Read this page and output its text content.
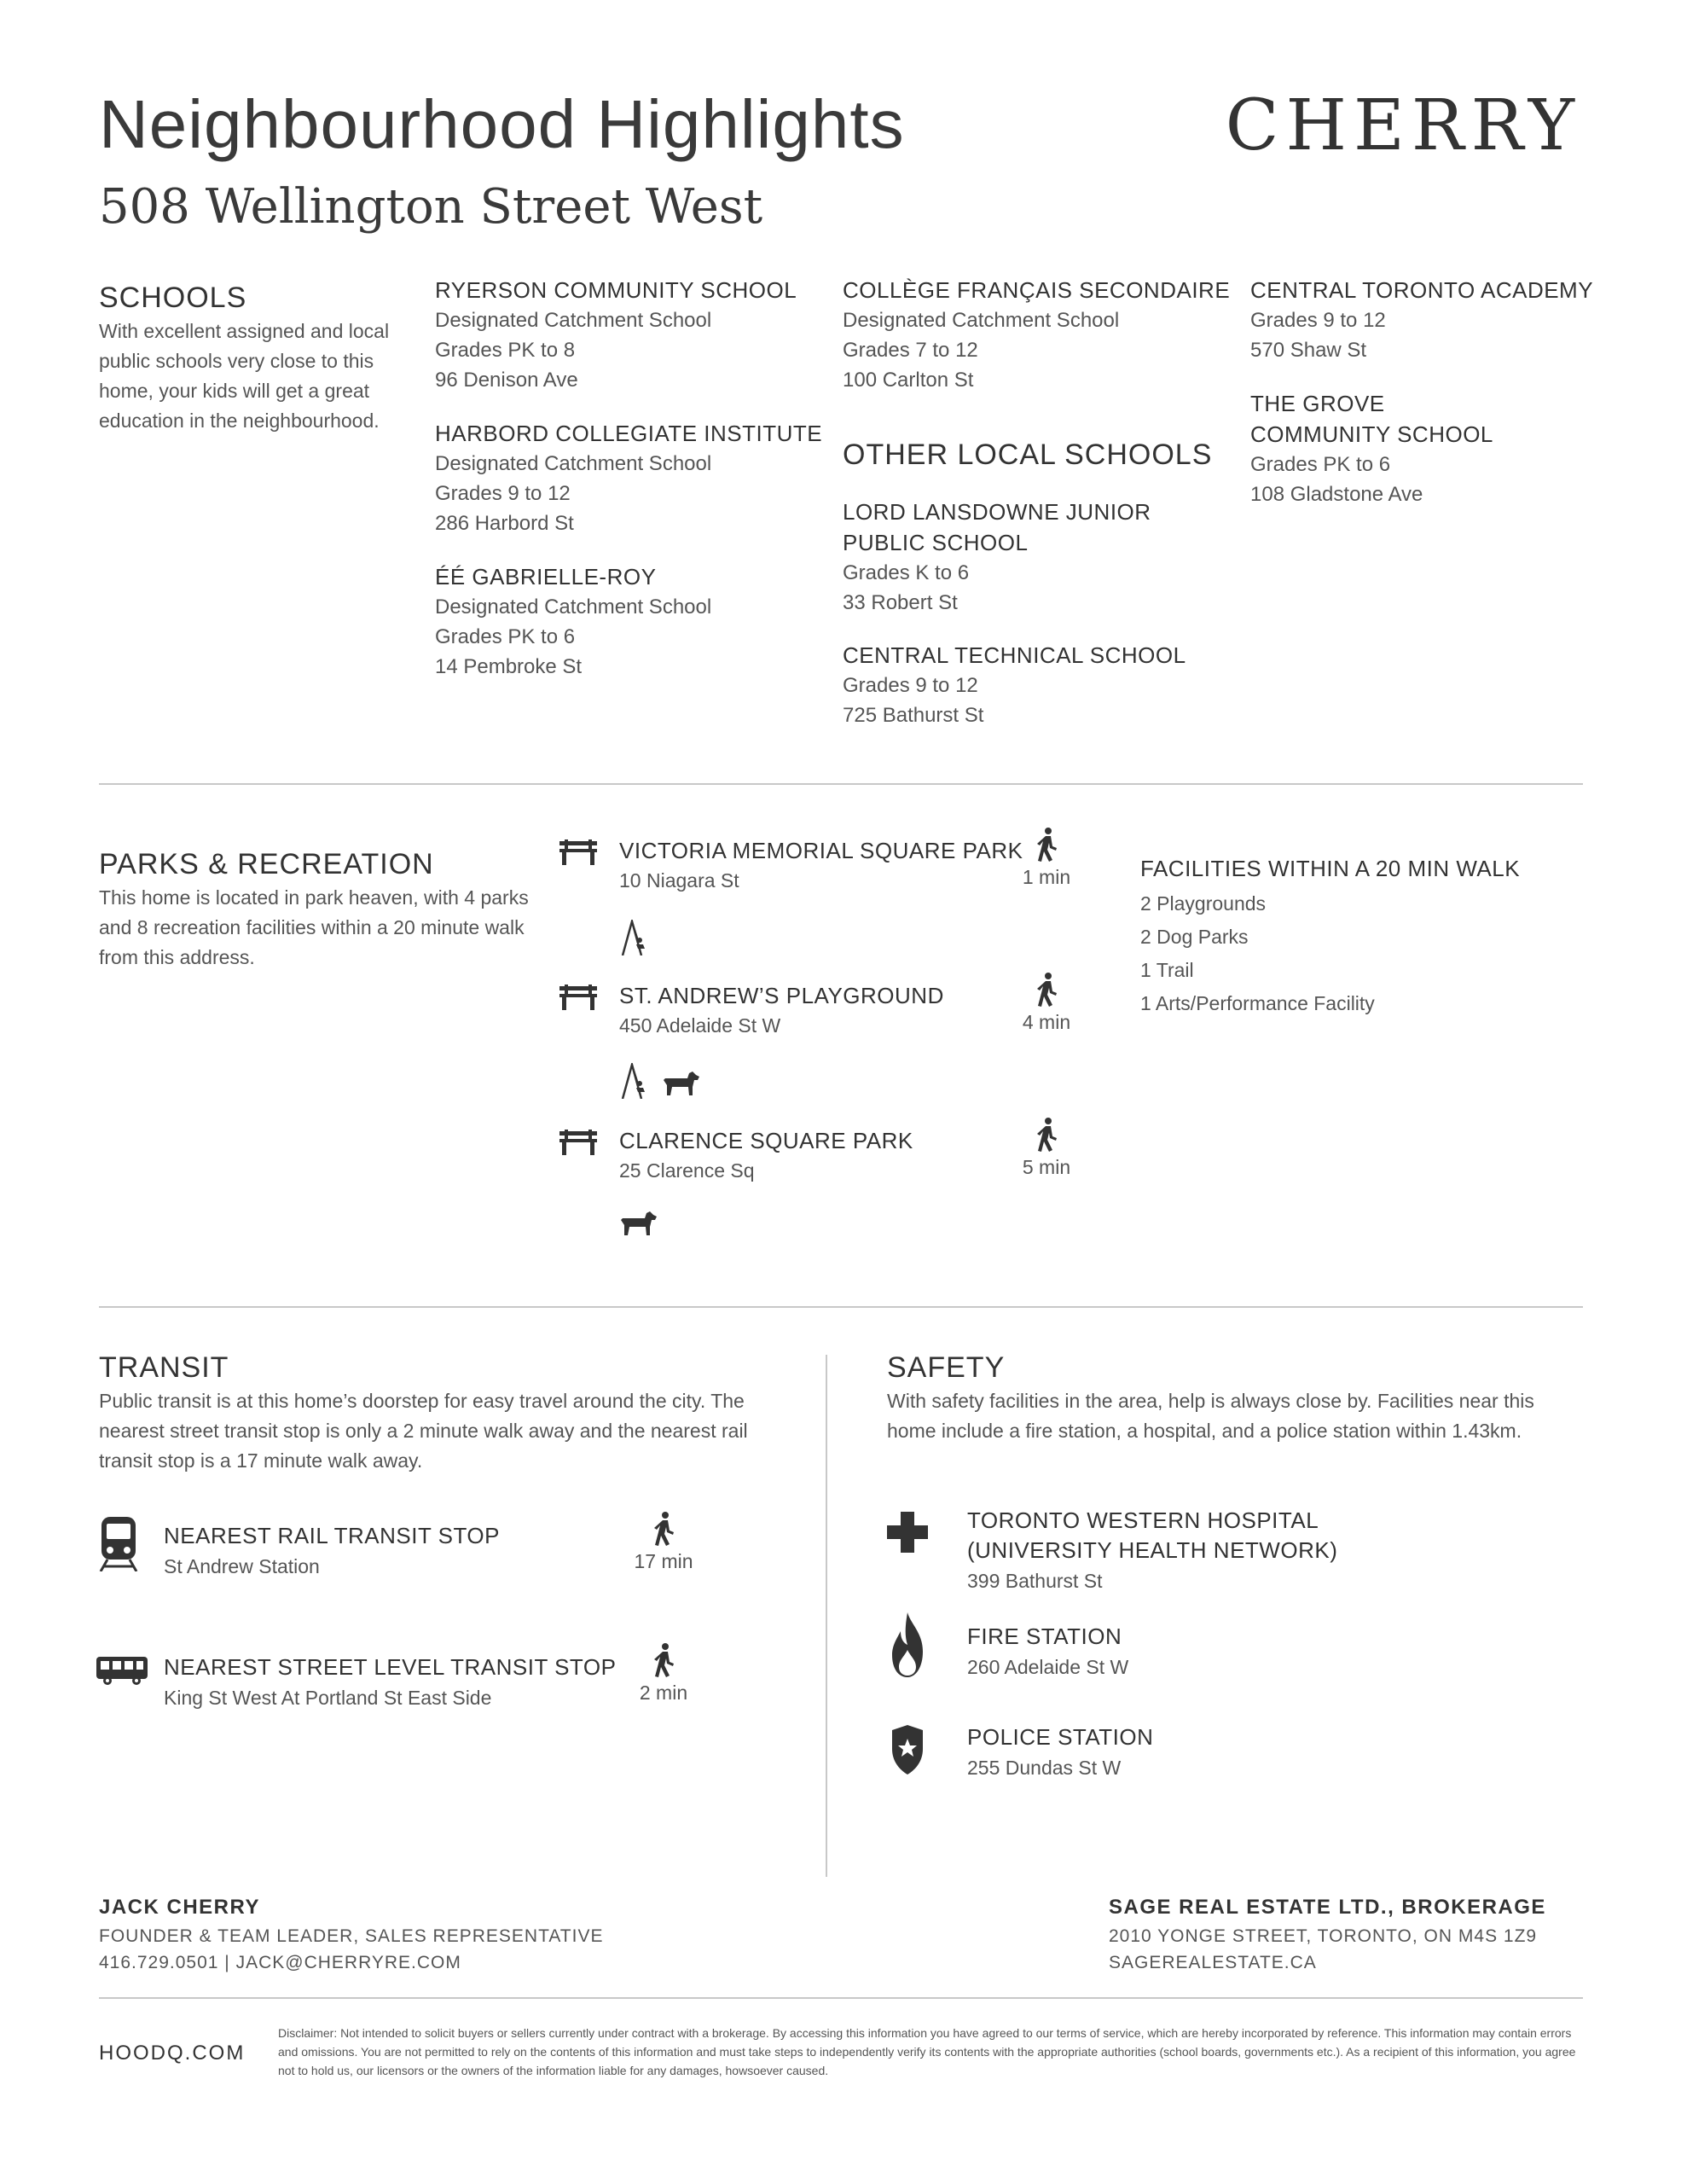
Neighbourhood Highlights
508 Wellington Street West
CHERRY
SCHOOLS
With excellent assigned and local public schools very close to this home, your kids will get a great education in the neighbourhood.
RYERSON COMMUNITY SCHOOL
Designated Catchment School
Grades PK to 8
96 Denison Ave
HARBORD COLLEGIATE INSTITUTE
Designated Catchment School
Grades 9 to 12
286 Harbord St
ÉÉ GABRIELLE-ROY
Designated Catchment School
Grades PK to 6
14 Pembroke St
COLLÈGE FRANÇAIS SECONDAIRE
Designated Catchment School
Grades 7 to 12
100 Carlton St
OTHER LOCAL SCHOOLS
LORD LANSDOWNE JUNIOR
PUBLIC SCHOOL
Grades K to 6
33 Robert St
CENTRAL TECHNICAL SCHOOL
Grades 9 to 12
725 Bathurst St
CENTRAL TORONTO ACADEMY
Grades 9 to 12
570 Shaw St
THE GROVE
COMMUNITY SCHOOL
Grades PK to 6
108 Gladstone Ave
PARKS & RECREATION
This home is located in park heaven, with 4 parks and 8 recreation facilities within a 20 minute walk from this address.
VICTORIA MEMORIAL SQUARE PARK
10 Niagara St	1 min
ST. ANDREW’S PLAYGROUND
450 Adelaide St W	4 min
CLARENCE SQUARE PARK
25 Clarence Sq	5 min
FACILITIES WITHIN A 20 MIN WALK
2 Playgrounds
2 Dog Parks
1 Trail
1 Arts/Performance Facility
TRANSIT
Public transit is at this home’s doorstep for easy travel around the city. The nearest street transit stop is only a 2 minute walk away and the nearest rail transit stop is a 17 minute walk away.
NEAREST RAIL TRANSIT STOP
St Andrew Station	17 min
NEAREST STREET LEVEL TRANSIT STOP
King St West At Portland St East Side	2 min
SAFETY
With safety facilities in the area, help is always close by. Facilities near this home include a fire station, a hospital, and a police station within 1.43km.
TORONTO WESTERN HOSPITAL
(UNIVERSITY HEALTH NETWORK)
399 Bathurst St
FIRE STATION
260 Adelaide St W
POLICE STATION
255 Dundas St W
JACK CHERRY
FOUNDER & TEAM LEADER, SALES REPRESENTATIVE
416.729.0501 | JACK@CHERRYRE.COM
SAGE REAL ESTATE LTD., BROKERAGE
2010 YONGE STREET, TORONTO, ON M4S 1Z9
SAGEREALESTATE.CA
HOODQ.COM
Disclaimer: Not intended to solicit buyers or sellers currently under contract with a brokerage. By accessing this information you have agreed to our terms of service, which are hereby incorporated by reference. This information may contain errors and omissions. You are not permitted to rely on the contents of this information and must take steps to independently verify its contents with the appropriate authorities (school boards, governments etc.). As a recipient of this information, you agree not to hold us, our licensors or the owners of the information liable for any damages, howsoever caused.
